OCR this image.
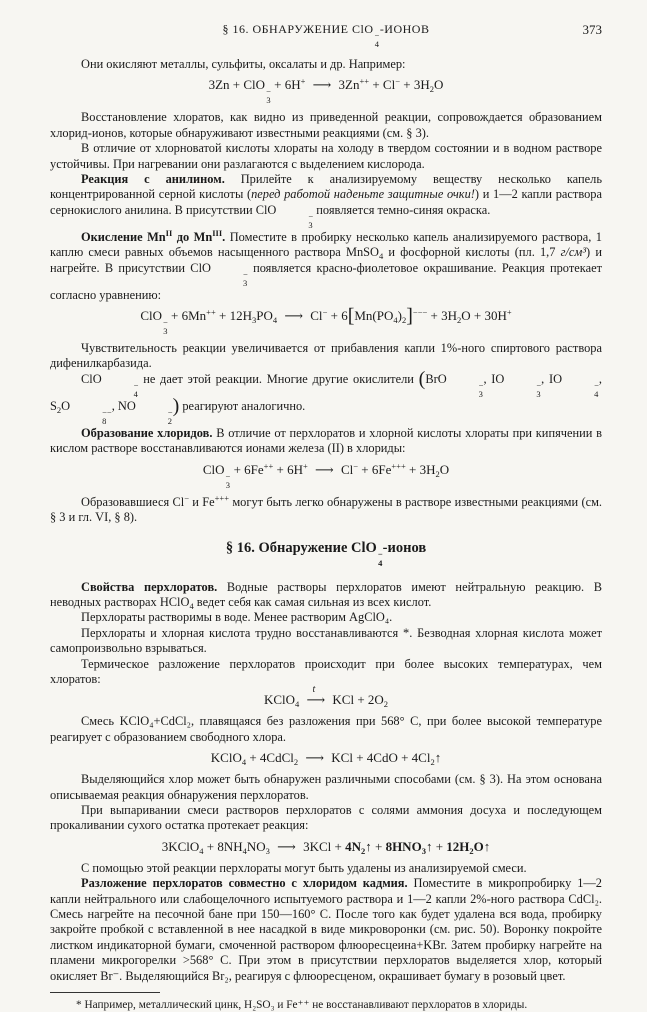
§ 16. ОБНАРУЖЕНИЕ ClO −
4
-ИОНОВ	373

Они окисляют металлы, сульфиты, оксалаты и др. Например:

3Zn + ClO −
3
+ 6H+ ⟶ $3Zn^{++} + Cl^- + 3H_2O$

Восстановление хлоратов, как видно из приведенной реакции, сопровождается образованием хлорид-ионов, которые обнаруживают известными реакциями (см. § 3).

В отличие от хлорноватой кислоты хлораты на холоду в твердом состоянии и в водном растворе устойчивы. При нагревании они разлагаются с выделением кислорода.

Реакция с анилином. Прилейте к анализируемому веществу несколько капель концентрированной серной кислоты (перед работой наденьте защитные очки!) и 1—2 капли раствора сернокислого анилина. В присутствии ClO	−
3
появляется темно-синяя окраска.

Окисление $Mn^{II}$ до $Mn^{III}$. Поместите в пробирку несколько капель анализируемого раствора, 1 каплю смеси равных объемов насыщенного раствора MnSO$_4$ и фосфорной кислоты (пл. 1,7 г/см³) и нагрейте. В присутствии ClO	−
3
появляется красно-фиолетовое окрашивание. Реакция протекает согласно уравнению:

ClO −
3
+ $6Mn^{++} + 12H_3PO_4$ ⟶ $Cl^- + 6[Mn(PO_4)_2]^{---} + 3H_2O + 30H^+$

Чувствительность реакции увеличивается от прибавления капли 1%-ного спиртового раствора дифенилкарбазида.

ClO	−
4
не дает этой реакции. Многие другие окислители (BrO	−
3
, IO	−
3
, IO	−
4
, $S_2O$	−−
8
, NO	−
2
) реагируют аналогично.

Образование хлоридов. В отличие от перхлоратов и хлорной кислоты хлораты при кипячении в кислом растворе восстанавливаются ионами железа (II) в хлориды:

ClO −
3
+ 6Fe++ + 6H+ ⟶ $Cl^- + 6Fe^{+++} + 3H_2O$

Образовавшиеся Cl− и Fe+++ могут быть легко обнаружены в растворе известными реакциями (см. § 3 и гл. VI, § 8).

§ 16. Обнаружение ClO −
4
-ионов

Свойства перхлоратов. Водные растворы перхлоратов имеют нейтральную реакцию. В неводных растворах HClO$_4$ ведет себя как самая сильная из всех кислот.

Перхлораты растворимы в воде. Менее растворим AgClO₄.

Перхлораты и хлорная кислота трудно восстанавливаются *. Безводная хлорная кислота может самопроизвольно взрываться.

Термическое разложение перхлоратов происходит при более высоких температурах, чем хлоратов:

KClO$_4$ ⟶
t
KCl + $2O_2$

Смесь KClO₄+CdCl₂, плавящаяся без разложения при 568° C, при более высокой температуре реагирует с образованием свободного хлора.

KClO$_4$ + 4CdCl$_2$ ⟶ KCl + $4CdO + 4Cl_2↑$

Выделяющийся хлор может быть обнаружен различными способами (см. § 3). На этом основана описываемая реакция обнаружения перхлоратов.

При выпаривании смеси растворов перхлоратов с солями аммония досуха и последующем прокаливании сухого остатка протекает реакция:

3KClO$_4$ + $8NH_4NO_3$ ⟶ $3KCl + 4N_2↑$ + $8HNO_3↑$ + $12H_2O↑$

С помощью этой реакции перхлораты могут быть удалены из анализируемой смеси.

Разложение перхлоратов совместно с хлоридом кадмия. Поместите в микропробирку 1—2 капли нейтрального или слабощелочного испытуемого раствора и 1—2 капли 2%-ного раствора CdCl₂. Смесь нагрейте на песочной бане при 150—160° C. После того как будет удалена вся вода, пробирку закройте пробкой с вставленной в нее насадкой в виде микроворонки (см. рис. 50). Воронку покройте листком индикаторной бумаги, смоченной раствором флюоресцеина+KBr. Затем пробирку нагрейте на пламени микрогорелки >568° C. При этом в присутствии перхлоратов выделяется хлор, который окисляет Br⁻. Выделяющийся Br₂, реагируя с флюоресценом, окрашивает бумагу в розовый цвет.

* Например, металлический цинк, H₂SO₃ и Fe⁺⁺ не восстанавливают перхлоратов в хлориды.
